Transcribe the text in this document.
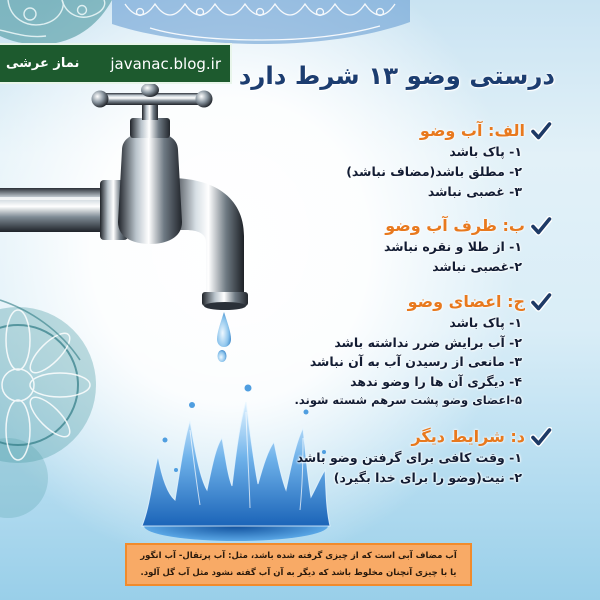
نماز عرشی javanac.blog.ir درستی وضو ۱۳ شرط دارد
الف: آب وضو
۱- پاک باشد
۲- مطلق باشد(مضاف نباشد)
۳- غصبی نباشد
ب: ظرف آب وضو
۱- از طلا و نقره نباشد
۲-غصبی نباشد
ج: اعضای وضو
۱- پاک باشد
۲- آب برایش ضرر نداشته باشد
۳- مانعی از رسیدن آب به آن نباشد
۴- دیگری آن ها را وضو ندهد
۵-اعضای وضو پشت سرهم شسته شوند.
د: شرایط دیگر
۱- وقت کافی برای گرفتن وضو باشد
۲- نیت(وضو را برای خدا بگیرد)
آب مضاف آبی است که از چیزی گرفته شده باشد، مثل: آب پرتقال- آب انگور
یا با چیزی آنچنان مخلوط باشد که دیگر به آن آب گفته نشود مثل آب گل آلود.
